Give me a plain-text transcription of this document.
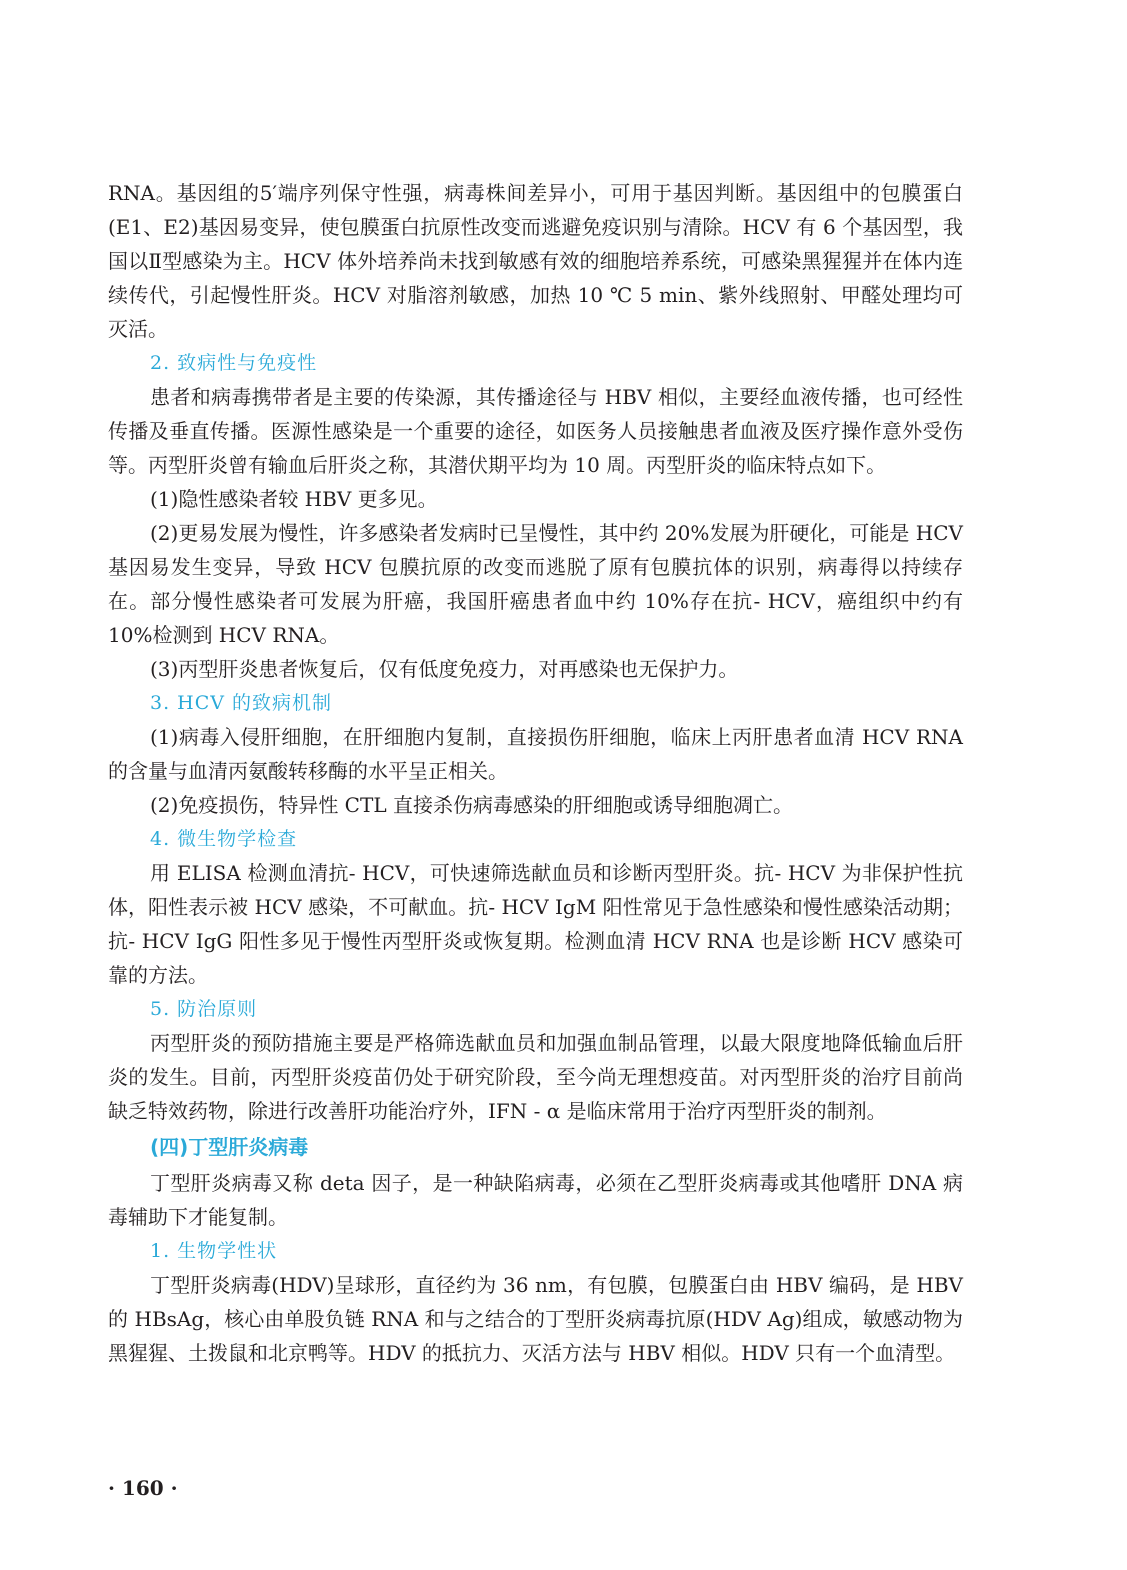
RNA。基因组的5′端序列保守性强，病毒株间差异小，可用于基因判断。基因组中的包膜蛋白(E1、E2)基因易变异，使包膜蛋白抗原性改变而逃避免疫识别与清除。HCV 有 6 个基因型，我国以Ⅱ型感染为主。HCV 体外培养尚未找到敏感有效的细胞培养系统，可感染黑猩猩并在体内连续传代，引起慢性肝炎。HCV 对脂溶剂敏感，加热 10 ℃ 5 min、紫外线照射、甲醛处理均可灭活。

2. 致病性与免疫性

患者和病毒携带者是主要的传染源，其传播途径与 HBV 相似，主要经血液传播，也可经性传播及垂直传播。医源性感染是一个重要的途径，如医务人员接触患者血液及医疗操作意外受伤等。丙型肝炎曾有输血后肝炎之称，其潜伏期平均为 10 周。丙型肝炎的临床特点如下。

(1)隐性感染者较 HBV 更多见。

(2)更易发展为慢性，许多感染者发病时已呈慢性，其中约 20%发展为肝硬化，可能是 HCV 基因易发生变异，导致 HCV 包膜抗原的改变而逃脱了原有包膜抗体的识别，病毒得以持续存在。部分慢性感染者可发展为肝癌，我国肝癌患者血中约 10%存在抗- HCV，癌组织中约有 10%检测到 HCV RNA。

(3)丙型肝炎患者恢复后，仅有低度免疫力，对再感染也无保护力。

3. HCV 的致病机制

(1)病毒入侵肝细胞，在肝细胞内复制，直接损伤肝细胞，临床上丙肝患者血清 HCV RNA 的含量与血清丙氨酸转移酶的水平呈正相关。

(2)免疫损伤，特异性 CTL 直接杀伤病毒感染的肝细胞或诱导细胞凋亡。

4. 微生物学检查

用 ELISA 检测血清抗- HCV，可快速筛选献血员和诊断丙型肝炎。抗- HCV 为非保护性抗体，阳性表示被 HCV 感染，不可献血。抗- HCV IgM 阳性常见于急性感染和慢性感染活动期；抗- HCV IgG 阳性多见于慢性丙型肝炎或恢复期。检测血清 HCV RNA 也是诊断 HCV 感染可靠的方法。

5. 防治原则

丙型肝炎的预防措施主要是严格筛选献血员和加强血制品管理，以最大限度地降低输血后肝炎的发生。目前，丙型肝炎疫苗仍处于研究阶段，至今尚无理想疫苗。对丙型肝炎的治疗目前尚缺乏特效药物，除进行改善肝功能治疗外，IFN - α 是临床常用于治疗丙型肝炎的制剂。

(四)丁型肝炎病毒

丁型肝炎病毒又称 deta 因子，是一种缺陷病毒，必须在乙型肝炎病毒或其他嗜肝 DNA 病毒辅助下才能复制。

1. 生物学性状

丁型肝炎病毒(HDV)呈球形，直径约为 36 nm，有包膜，包膜蛋白由 HBV 编码，是 HBV 的 HBsAg，核心由单股负链 RNA 和与之结合的丁型肝炎病毒抗原(HDV Ag)组成，敏感动物为黑猩猩、土拨鼠和北京鸭等。HDV 的抵抗力、灭活方法与 HBV 相似。HDV 只有一个血清型。

· 160 ·
